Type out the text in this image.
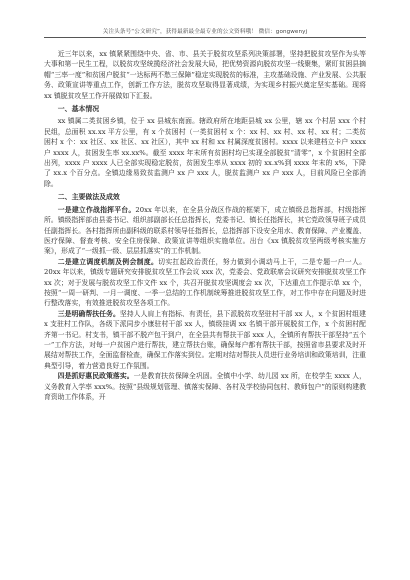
关注头条号“公文研究”，获得最新最全最专业的公文资料哦！ 微信：gongwenyj

近三年以来，xx 镇紧紧围绕中央、省、市、县关于脱贫攻坚系列决策部署，坚持把脱贫攻坚作为头等大事和第一民生工程，以脱贫攻坚统揽经济社会发展大局，把优势资源向脱贫攻坚一线聚集，紧盯贫困县摘帽“三率一度”和贫困户脱贫“一达标两不愁三保障”稳定实现脱贫的标准，主攻基础设施、产业发展、公共服务、政策宣讲等重点工作，创新工作方法，脱贫攻坚取得显著成绩，为实现乡村振兴奠定坚实基础。现将 xx 镇脱贫攻坚工作开展做如下汇报。

一、基本情况

xx 镇属二类贫困乡镇，位于 xx 县城东南面。辖政府所在地距县城 xx 公里，辖 xx 个村居 xxx 个村民组，总面积 xx.xx 平方公里，有 x 个贫困村（一类贫困村 x 个：xx 村、xx 村、xx 村、xx 村；二类贫困村 x 个：xx 社区、xx 社区、xx 社区），其中 xx 村和 xx 村属深度贫困村。xxxx 以来建档立卡户 xxxx 户 xxxx 人，贫困发生率 xx.xx%。截至 xxxx 年末所有贫困村均已实现全部脱贫“清零”，x 个贫困村全部出列，xxxx 户 xxxx 人已全部实现稳定脱贫，贫困发生率从 xxxx 初的 xx.x%到 xxxx 年末的 x%，下降了 xx.x 个百分点。全镇边缘易致贫监测户 xx 户 xxx 人，脱贫监测户 xx 户 xxx 人，目前风险已全部消除。

二、主要做法及成效

一是建立作战指挥平台。20xx 年以来，在全县分战区作战的框架下，成立镇级总指挥部，村级指挥所。镇级指挥部由县委书记、组织部副部长任总指挥长，党委书记、镇长任指挥长，其它党政领导班子成员任副指挥长。各村指挥所由副科级的联系村领导任指挥长，总指挥部下设安全用水、教育保障、产业覆盖、医疗保障、督查考核、安全住房保障、政策宣讲等组织实施单位。出台《xx 镇脱贫攻坚两级考核实施方案》，形成了“一级抓一级、层层抓落实”的工作机制。

二是建立调度机制及例会制度。切实扛起政治责任，努力做到小调动马上干，二是专题一户一人。20xx 年以来，镇级专题研究安排脱贫攻坚工作会议 xxx 次，党委会、党政联席会议研究安排脱贫攻坚工作 xx 次；对于发展与脱贫攻坚工作文件 xx 个，共召开脱贫攻坚调度会 xx 次，下达重点工作提示单 xx 个，按照“一周一研判、一月一调度、一季一总结的工作机制统筹推进脱贫攻坚工作，对工作中存在问题及时进行整改落实，有效推进脱贫攻坚各项工作。

三是明确帮扶任务。坚持人人肩上有指标、有责任，县下派脱贫攻坚驻村干部 xx 人，x 个贫困村组建 x 支驻村工作队，各级下派同步小康驻村干部 xx 人，镇级挂调 xx 名镇干部开展脱贫工作，x 个贫困村配齐第一书记。村支书，镇干部不脱产包干到户，在全县共有帮扶干部 xxx 人，全镇所有帮扶干部坚持“五个一”工作方法，对每一户贫困户进行帮扶，建立帮扶台账，确保每户都有帮扶干部，按照省市县要求及时开展结对帮扶工作，全面监督检查，确保工作落实到位。定期对结对帮扶人员进行业务培训和政策培训，注重典型引导，着力营造良好工作氛围。

四是抓好惠民政策落实。一是教育扶贫保障全巩固。全镇中小学、幼儿园 xx 所，在校学生 xxxx 人，义务教育入学率 xxx%。按照“县级规划管理、镇落实保障、各村及学校协同包村、教师包户”的原则构建教育资助工作体系，开
